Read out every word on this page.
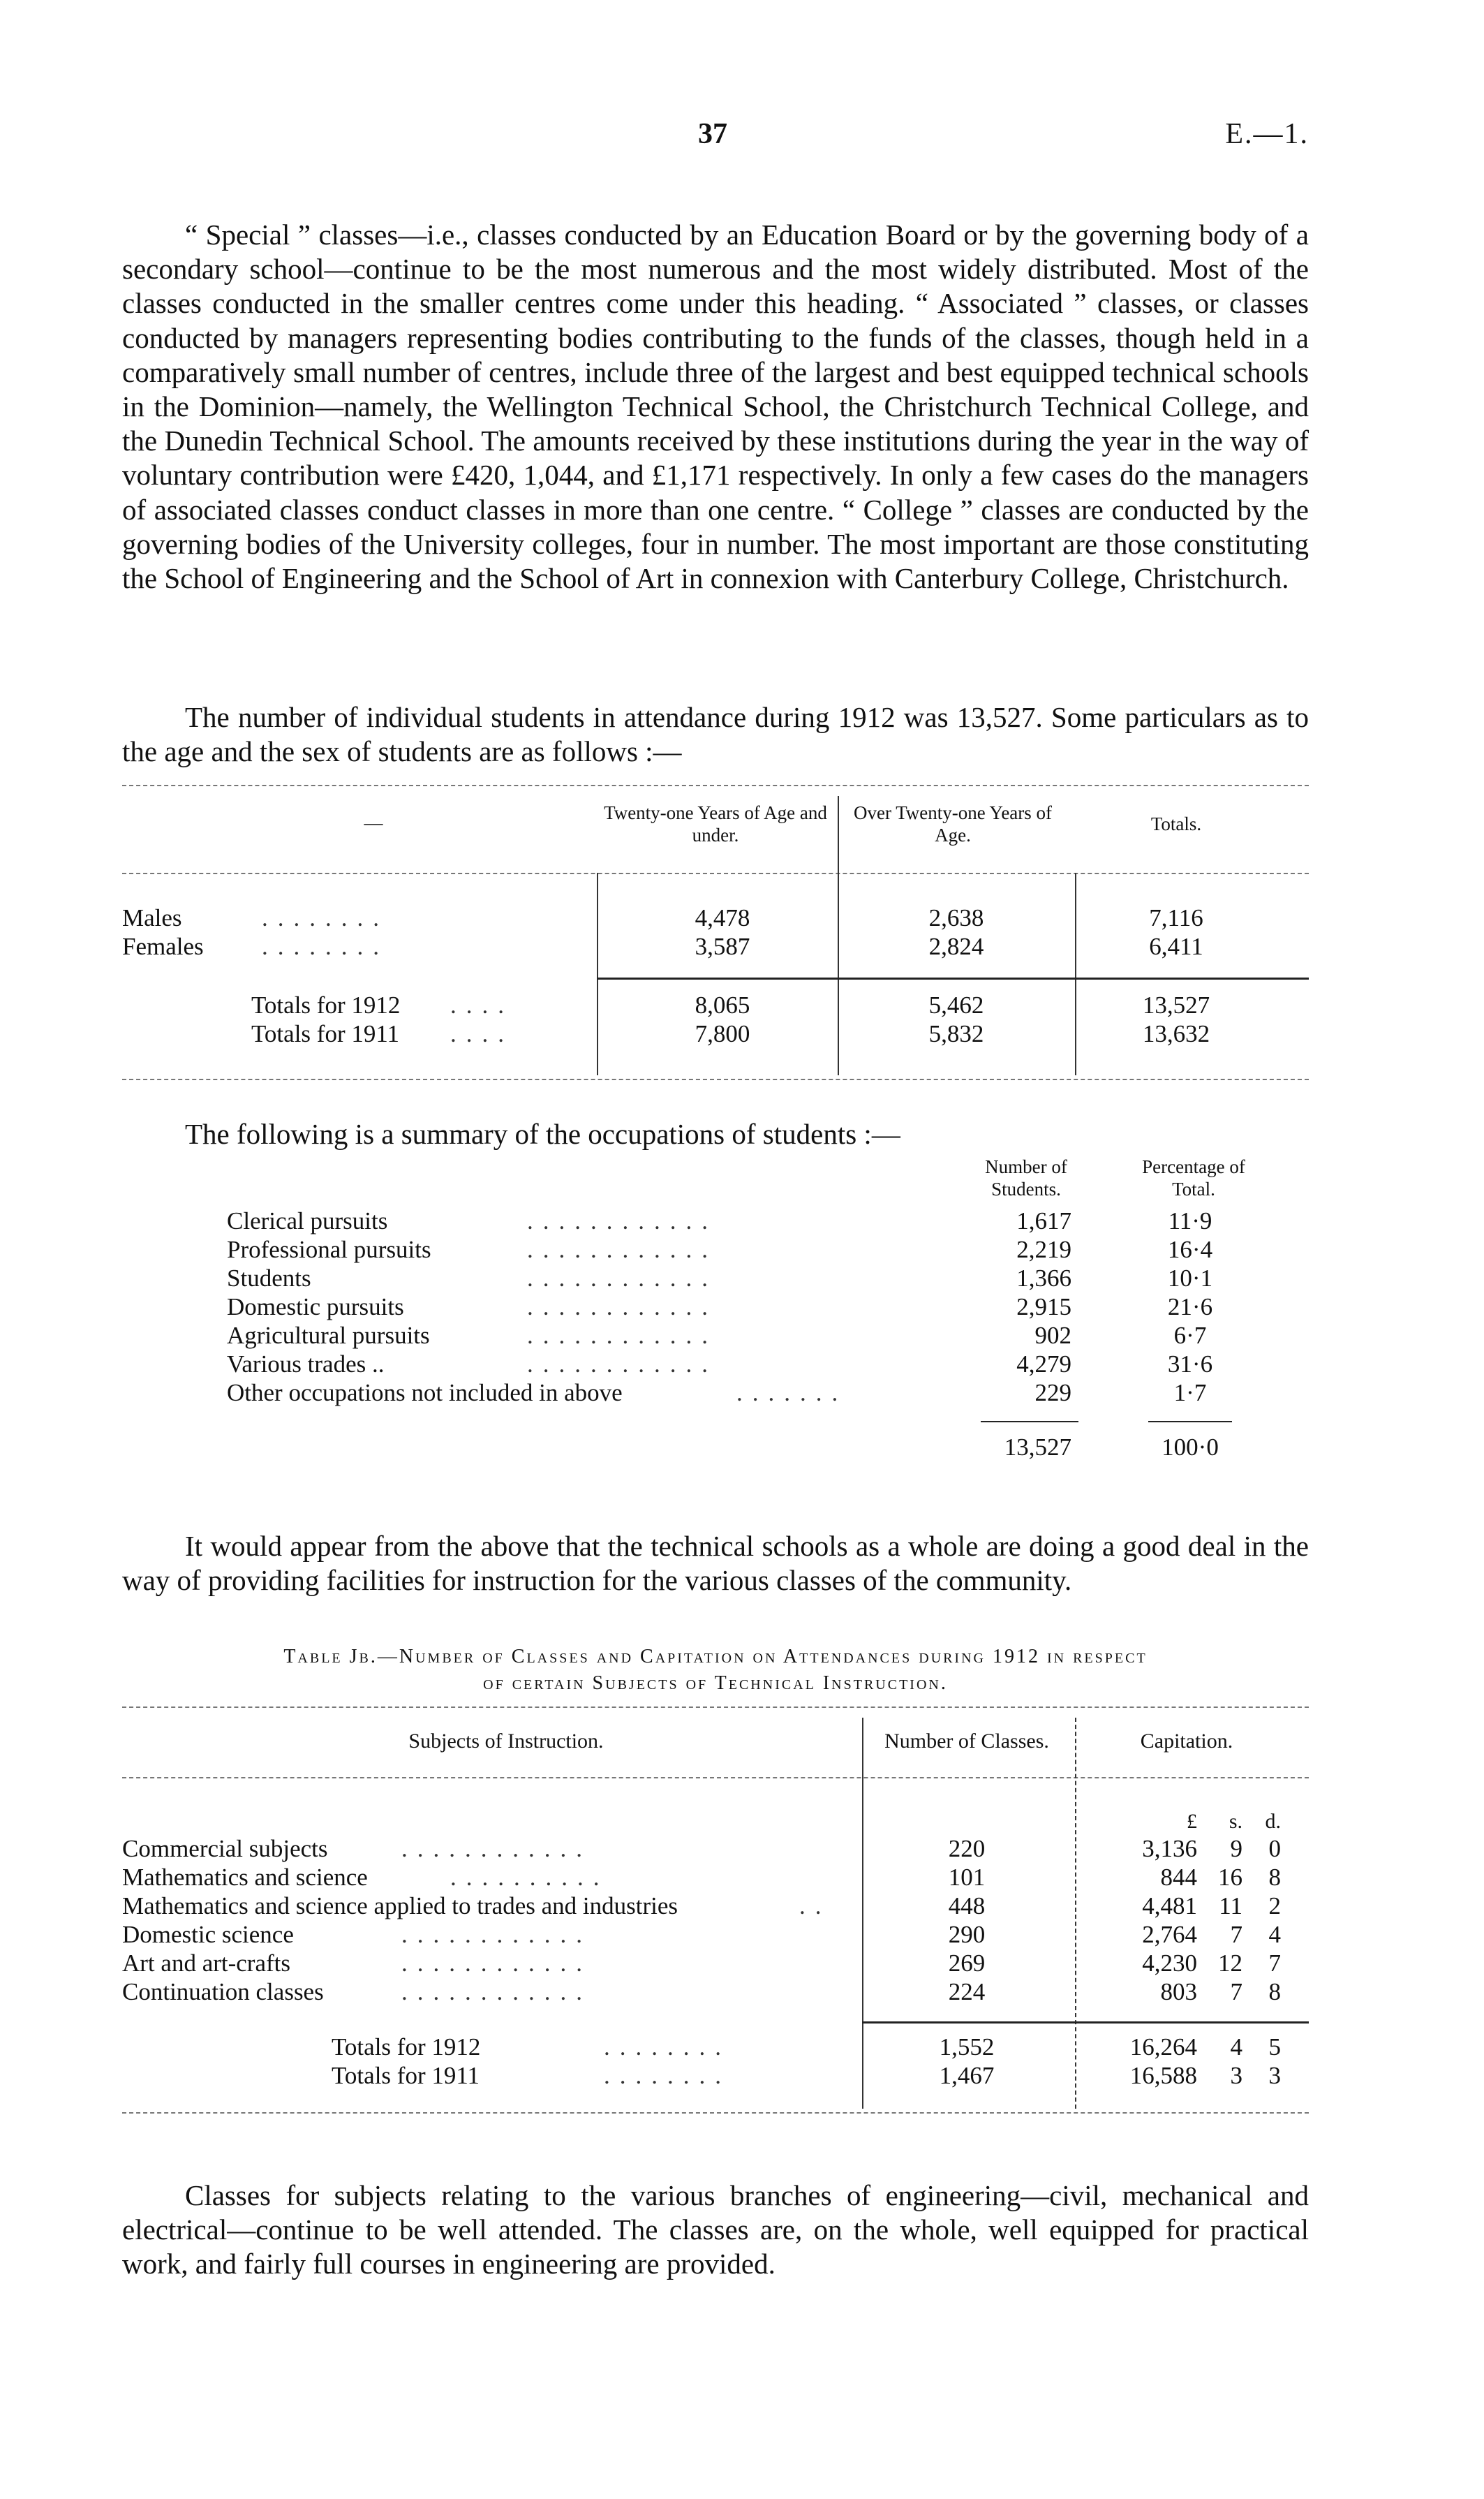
37	E.—1.

“ Special ” classes—i.e., classes conducted by an Education Board or by the governing body of a secondary school—continue to be the most numerous and the most widely distributed. Most of the classes conducted in the smaller centres come under this heading. “ Associated ” classes, or classes conducted by managers representing bodies contributing to the funds of the classes, though held in a comparatively small number of centres, include three of the largest and best equipped technical schools in the Dominion—namely, the Wellington Technical School, the Christchurch Technical College, and the Dunedin Technical School. The amounts received by these institutions during the year in the way of voluntary contribution were £420, 1,044, and £1,171 respectively. In only a few cases do the managers of associated classes conduct classes in more than one centre. “ College ” classes are conducted by the governing bodies of the University colleges, four in number. The most important are those constituting the School of Engineering and the School of Art in connexion with Canterbury College, Christchurch.

The number of individual students in attendance during 1912 was 13,527. Some particulars as to the age and the sex of students are as follows :—

—	Twenty-one Years of Age and under.
Over Twenty-one Years of Age.
Totals.
Males	........	4,478	2,638	7,116
Females ........	3,587	2,824	6,411
Totals for 1912 ....	8,065	5,462	13,527
Totals for 1911 ....	7,800	5,832	13,632

The following is a summary of the occupations of students :—

Number of Students.
Percentage of Total.
Clerical pursuits	............	1,617	11·9
Professional pursuits	............	2,219	16·4
Students	............	1,366	10·1
Domestic pursuits	............	2,915	21·6
Agricultural pursuits	............	902	6·7
Various trades ..	............	4,279	31·6
Other occupations not included in above	.......	229	1·7
13,527	100·0

It would appear from the above that the technical schools as a whole are doing a good deal in the way of providing facilities for instruction for the various classes of the community.

Table Jb.—Number of Classes and Capitation on Attendances during 1912 in respect
of certain Subjects of Technical Instruction.
Subjects of Instruction.	Number of Classes.	Capitation.
£	s.	d.
Commercial subjects	............	220	3,136	9	0
Mathematics and science	..........	101	844 16	8
Mathematics and science applied to trades and industries	..	448	4,481 11	2
Domestic science	............	290	2,764	7	4
Art and art-crafts	............	269	4,230 12	7
Continuation classes	............	224	803	7	8
Totals for 1912	........	1,552	16,264	4	5
Totals for 1911	........	1,467	16,588	3	3

Classes for subjects relating to the various branches of engineering—civil, mechanical and electrical—continue to be well attended. The classes are, on the whole, well equipped for practical work, and fairly full courses in engineering are provided.
